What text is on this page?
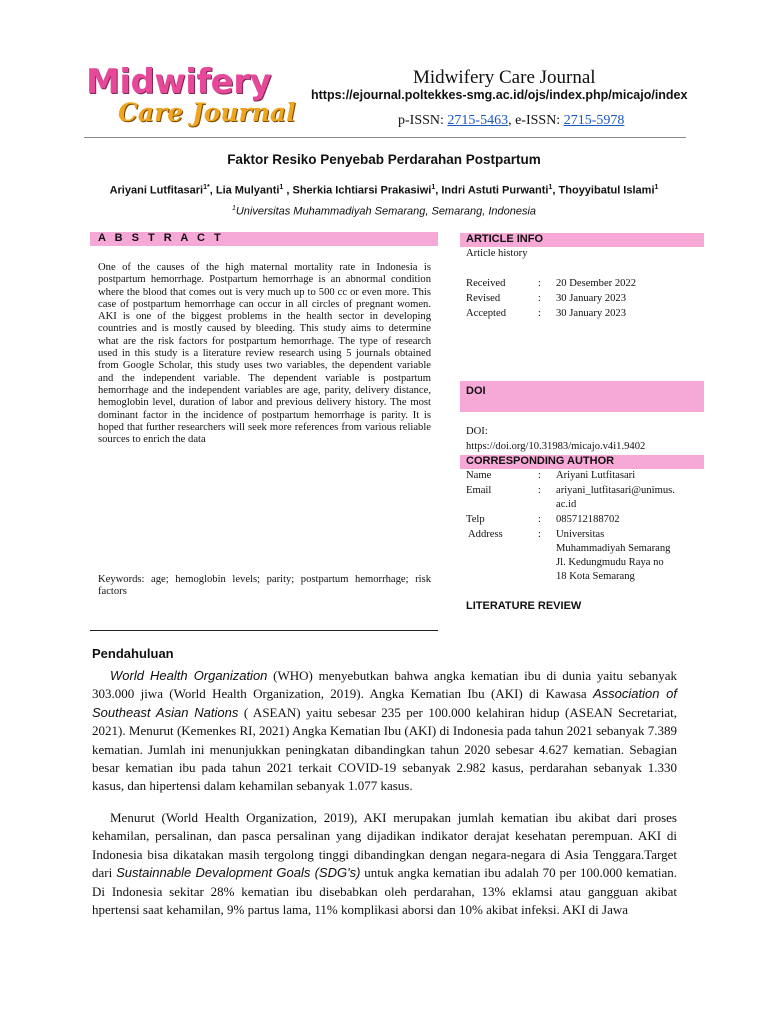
Midwifery
Care Journal
Midwifery Care Journal
https://ejournal.poltekkes-smg.ac.id/ojs/index.php/micajo/index
p-ISSN: 2715-5463, e-ISSN: 2715-5978
Faktor Resiko Penyebab Perdarahan Postpartum
Ariyani Lutfitasari$^{1*}$, Lia Mulyanti$^1$ , Sherkia Ichtiarsi Prakasiwi$^1$, Indri Astuti Purwanti$^1$, Thoyyibatul Islami$^1$
$^1$Universitas Muhammadiyah Semarang, Semarang, Indonesia
A B S T R A C T
One of the causes of the high maternal mortality rate in Indonesia is postpartum hemorrhage. Postpartum hemorrhage is an abnormal condition where the blood that comes out is very much up to 500 cc or even more. This case of postpartum hemorrhage can occur in all circles of pregnant women. AKI is one of the biggest problems in the health sector in developing countries and is mostly caused by bleeding. This study aims to determine what are the risk factors for postpartum hemorrhage. The type of research used in this study is a literature review research using 5 journals obtained from Google Scholar, this study uses two variables, the dependent variable and the independent variable. The dependent variable is postpartum hemorrhage and the independent variables are age, parity, delivery distance, hemoglobin level, duration of labor and previous delivery history. The most dominant factor in the incidence of postpartum hemorrhage is parity. It is hoped that further researchers will seek more references from various reliable sources to enrich the data
Keywords: age; hemoglobin levels; parity; postpartum hemorrhage; risk factors
ARTICLE INFO
Article history
Received	: 20 Desember 2022
Revised	: 30 January 2023
Accepted	: 30 January 2023
DOI
DOI:
https://doi.org/10.31983/micajo.v4i1.9402
CORRESPONDING AUTHOR
Name	: Ariyani Lutfitasari
Email	: ariyani_lutfitasari@unimus.
ac.id
Telp	: 085712188702
Address	: Universitas
Muhammadiyah Semarang
Jl. Kedungmudu Raya no
18 Kota Semarang
LITERATURE REVIEW
Pendahuluan
World Health Organization (WHO) menyebutkan bahwa angka kematian ibu di dunia yaitu sebanyak 303.000 jiwa (World Health Organization, 2019). Angka Kematian Ibu (AKI) di Kawasa Association of Southeast Asian Nations ( ASEAN) yaitu sebesar 235 per 100.000 kelahiran hidup (ASEAN Secretariat, 2021). Menurut (Kemenkes RI, 2021) Angka Kematian Ibu (AKI) di Indonesia pada tahun 2021 sebanyak 7.389 kematian. Jumlah ini menunjukkan peningkatan dibandingkan tahun 2020 sebesar 4.627 kematian. Sebagian besar kematian ibu pada tahun 2021 terkait COVID-19 sebanyak 2.982 kasus, perdarahan sebanyak 1.330 kasus, dan hipertensi dalam kehamilan sebanyak 1.077 kasus.
Menurut (World Health Organization, 2019), AKI merupakan jumlah kematian ibu akibat dari proses kehamilan, persalinan, dan pasca persalinan yang dijadikan indikator derajat kesehatan perempuan. AKI di Indonesia bisa dikatakan masih tergolong tinggi dibandingkan dengan negara-negara di Asia Tenggara.Target dari Sustainnable Devalopment Goals (SDG's) untuk angka kematian ibu adalah 70 per 100.000 kematian. Di Indonesia sekitar 28% kematian ibu disebabkan oleh perdarahan, 13% eklamsi atau gangguan akibat hpertensi saat kehamilan, 9% partus lama, 11% komplikasi aborsi dan 10% akibat infeksi. AKI di Jawa
